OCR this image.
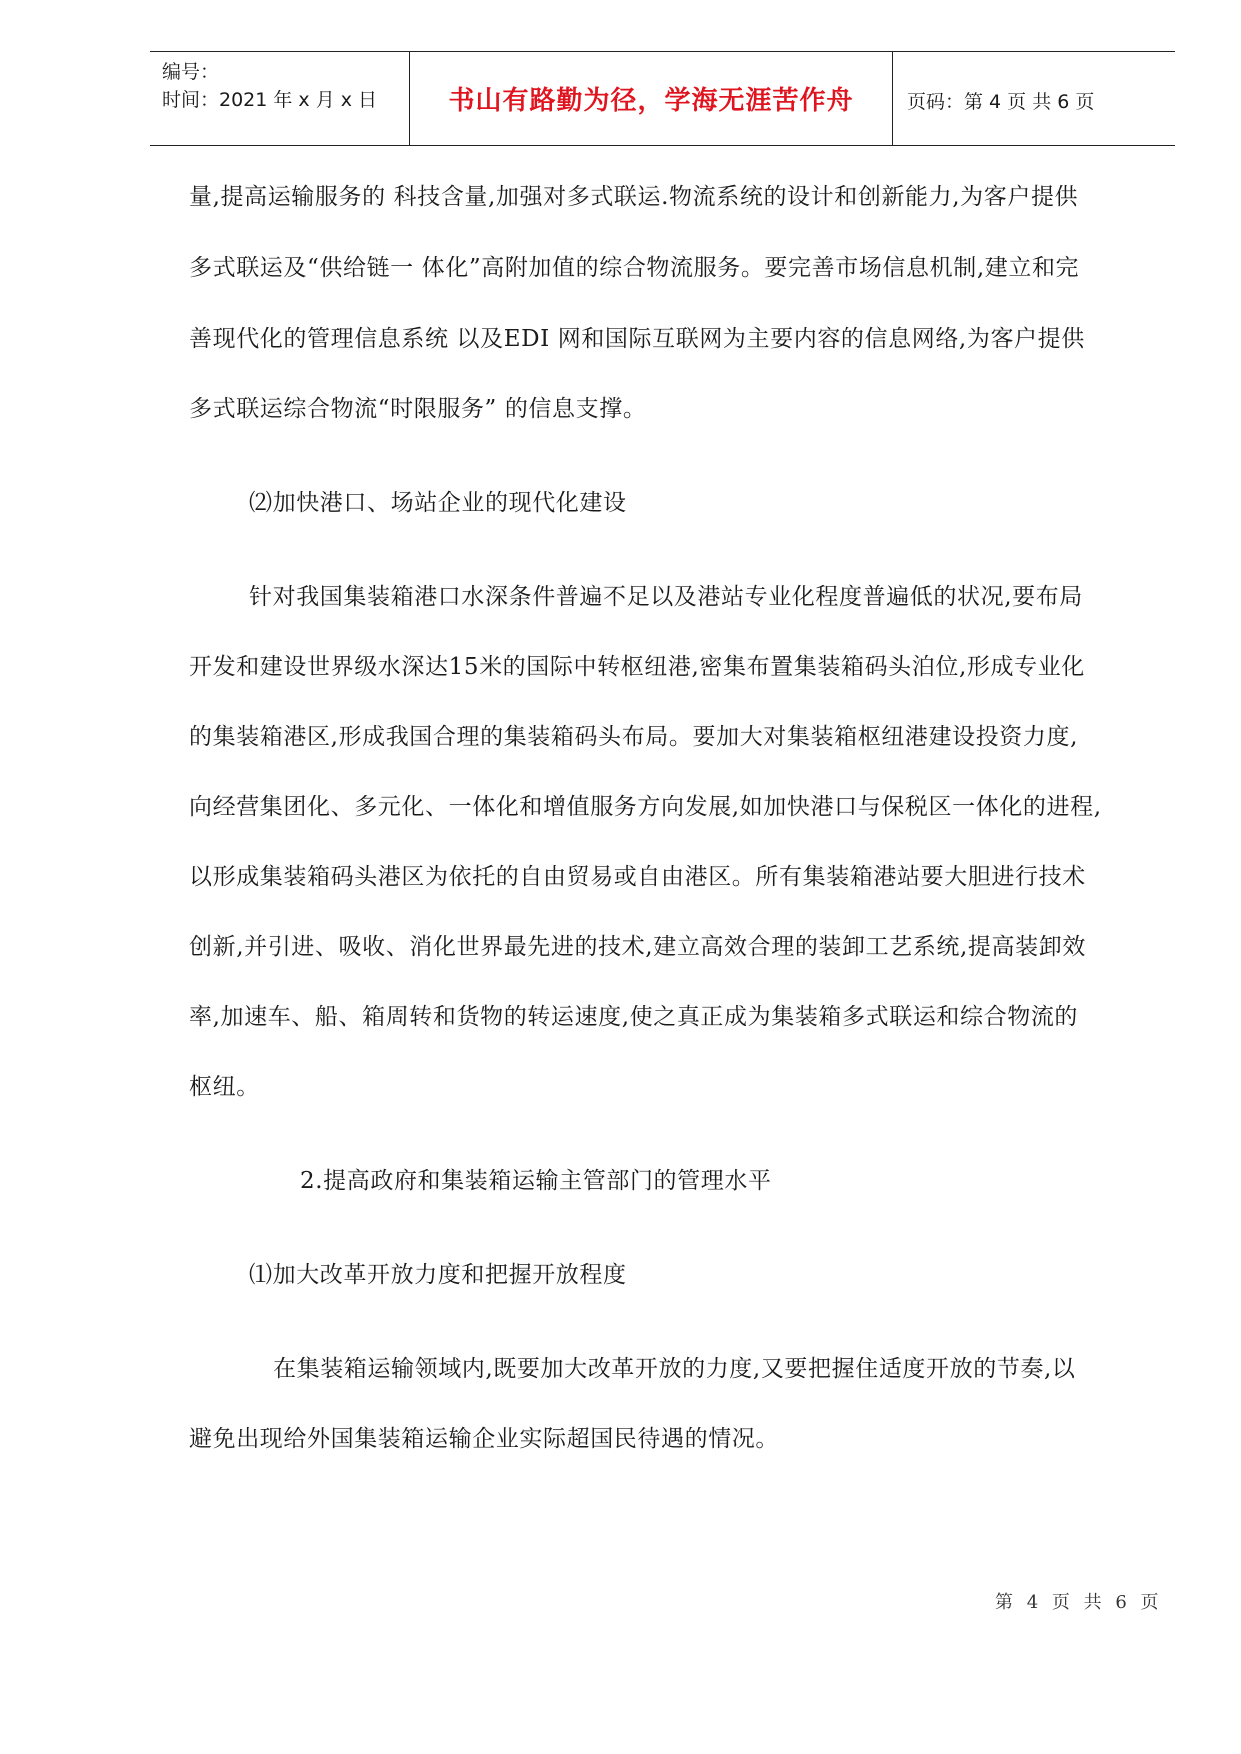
编号：
时间：2021 年 x 月 x 日	书山有路勤为径，学海无涯苦作舟	页码：第 4 页 共 6 页
量,提高运输服务的 科技含量,加强对多式联运.物流系统的设计和创新能力,为客户提供
多式联运及“供给链一 体化”高附加值的综合物流服务。要完善市场信息机制,建立和完
善现代化的管理信息系统 以及EDI 网和国际互联网为主要内容的信息网络,为客户提供
多式联运综合物流“时限服务” 的信息支撑。
⑵加快港口、场站企业的现代化建设
针对我国集装箱港口水深条件普遍不足以及港站专业化程度普遍低的状况,要布局
开发和建设世界级水深达15米的国际中转枢纽港,密集布置集装箱码头泊位,形成专业化
的集装箱港区,形成我国合理的集装箱码头布局。要加大对集装箱枢纽港建设投资力度,
向经营集团化、多元化、一体化和增值服务方向发展,如加快港口与保税区一体化的进程,
以形成集装箱码头港区为依托的自由贸易或自由港区。所有集装箱港站要大胆进行技术
创新,并引进、吸收、消化世界最先进的技术,建立高效合理的装卸工艺系统,提高装卸效
率,加速车、船、箱周转和货物的转运速度,使之真正成为集装箱多式联运和综合物流的
枢纽。
2.提高政府和集装箱运输主管部门的管理水平
⑴加大改革开放力度和把握开放程度
在集装箱运输领域内,既要加大改革开放的力度,又要把握住适度开放的节奏,以
避免出现给外国集装箱运输企业实际超国民待遇的情况。
第 4 页 共 6 页
